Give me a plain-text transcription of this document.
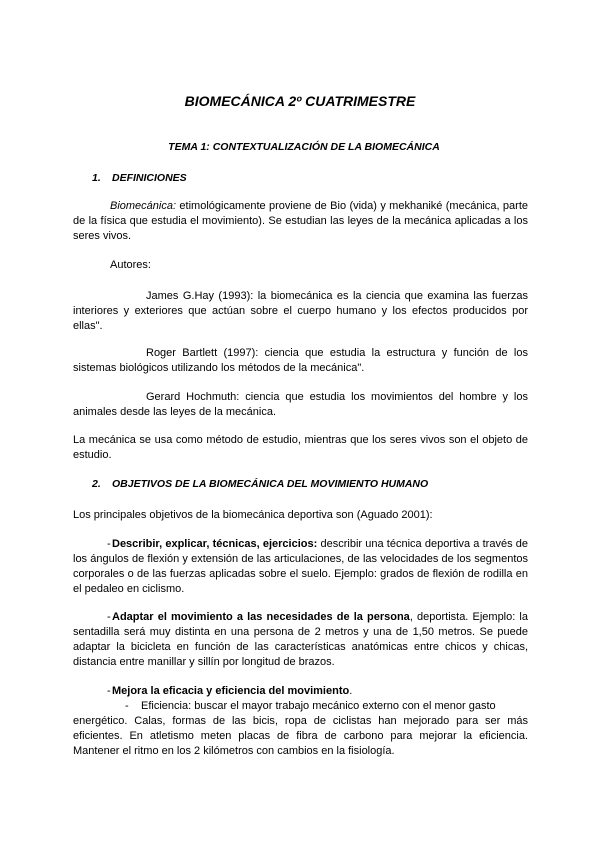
BIOMECÁNICA 2º CUATRIMESTRE
TEMA 1: CONTEXTUALIZACIÓN DE LA BIOMECÁNICA
1. DEFINICIONES

Biomecánica: etimológicamente proviene de Bio (vida) y mekhaniké (mecánica, parte de la física que estudia el movimiento). Se estudian las leyes de la mecánica aplicadas a los seres vivos.

Autores:

James G.Hay (1993): la biomecánica es la ciencia que examina las fuerzas interiores y exteriores que actúan sobre el cuerpo humano y los efectos producidos por ellas".

Roger Bartlett (1997): ciencia que estudia la estructura y función de los sistemas biológicos utilizando los métodos de la mecánica".

Gerard Hochmuth: ciencia que estudia los movimientos del hombre y los animales desde las leyes de la mecánica.

La mecánica se usa como método de estudio, mientras que los seres vivos son el objeto de estudio.

2. OBJETIVOS DE LA BIOMECÁNICA DEL MOVIMIENTO HUMANO

Los principales objetivos de la biomecánica deportiva son (Aguado 2001):

-Describir, explicar, técnicas, ejercicios: describir una técnica deportiva a través de los ángulos de flexión y extensión de las articulaciones, de las velocidades de los segmentos corporales o de las fuerzas aplicadas sobre el suelo. Ejemplo: grados de flexión de rodilla en el pedaleo en ciclismo.

-Adaptar el movimiento a las necesidades de la persona, deportista. Ejemplo: la sentadilla será muy distinta en una persona de 2 metros y una de 1,50 metros. Se puede adaptar la bicicleta en función de las características anatómicas entre chicos y chicas, distancia entre manillar y sillín por longitud de brazos.

-Mejora la eficacia y eficiencia del movimiento.

- Eficiencia: buscar el mayor trabajo mecánico externo con el menor gasto

energético. Calas, formas de las bicis, ropa de ciclistas han mejorado para ser más eficientes. En atletismo meten placas de fibra de carbono para mejorar la eficiencia. Mantener el ritmo en los 2 kilómetros con cambios en la fisiología.
